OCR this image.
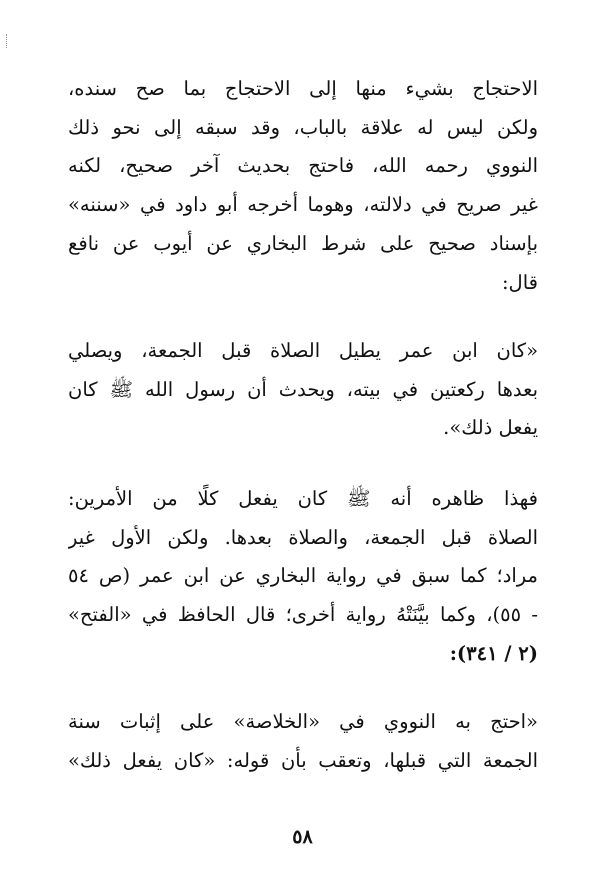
الاحتجاج بشيء منها إلى الاحتجاج بما صح سنده،
ولكن ليس له علاقة بالباب، وقد سبقه إلى نحو ذلك
النووي رحمه الله، فاحتج بحديث آخر صحيح، لكنه
غير صريح في دلالته، وهوما أخرجه أبو داود في «سننه»
بإسناد صحيح على شرط البخاري عن أيوب عن نافع
قال:
«كان ابن عمر يطيل الصلاة قبل الجمعة، ويصلي
بعدها ركعتين في بيته، ويحدث أن رسول الله ﷺ كان
يفعل ذلك».
فهذا ظاهره أنه ﷺ كان يفعل كلًا من الأمرين:
الصلاة قبل الجمعة، والصلاة بعدها. ولكن الأول غير
مراد؛ كما سبق في رواية البخاري عن ابن عمر (ص ٥٤
- ٥٥)، وكما بيَّنَتْهُ رواية أخرى؛ قال الحافظ في «الفتح»
(٢ / ٣٤١):
«احتج به النووي في «الخلاصة» على إثبات سنة
الجمعة التي قبلها، وتعقب بأن قوله: «كان يفعل ذلك»
٥٨
